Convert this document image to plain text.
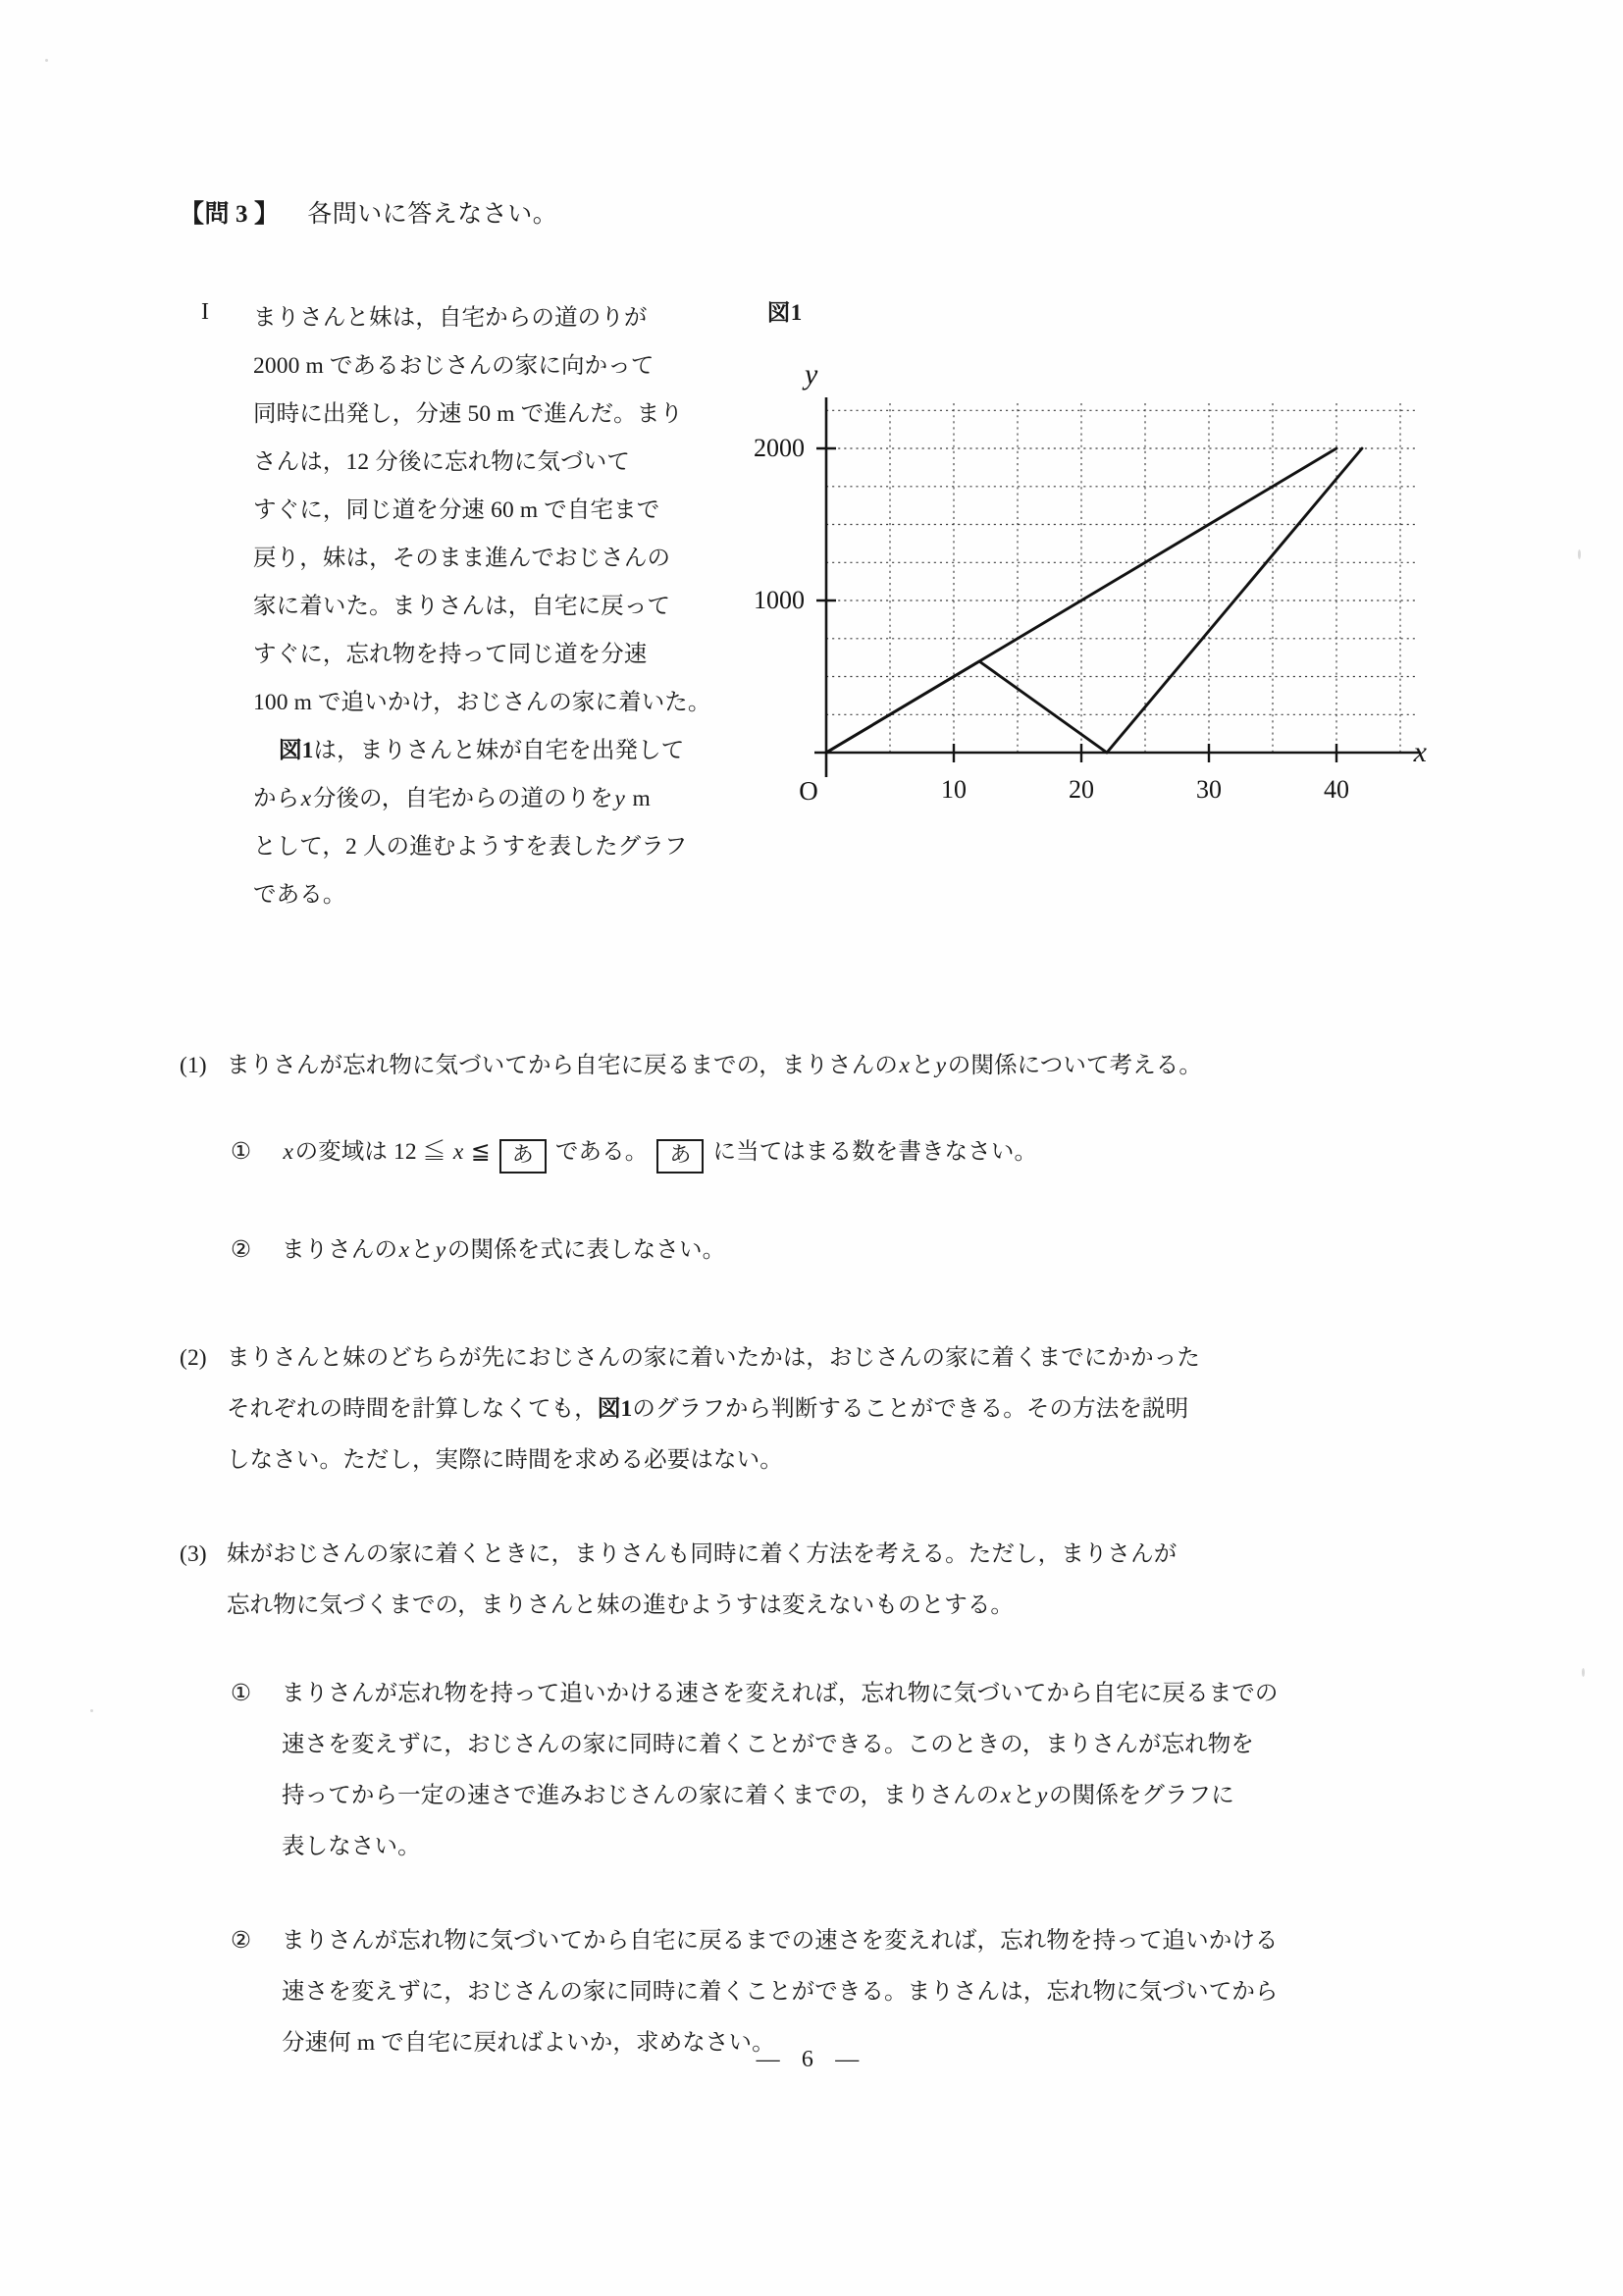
【問 3 】 各問いに答えなさい。
I まりさんと妹は，自宅からの道のりが

2000 m であるおじさんの家に向かって

同時に出発し，分速 50 m で進んだ。まり

さんは，12 分後に忘れ物に気づいて

すぐに，同じ道を分速 60 m で自宅まで

戻り，妹は，そのまま進んでおじさんの

家に着いた。まりさんは，自宅に戻って

すぐに，忘れ物を持って同じ道を分速

100 m で追いかけ，おじさんの家に着いた。

図1は，まりさんと妹が自宅を出発して

からx分後の，自宅からの道のりをy m

として，2 人の進むようすを表したグラフ

である。

図1
y
x
O
1000
2000
10	20	30	40
(1) まりさんが忘れ物に気づいてから自宅に戻るまでの，まりさんのxとyの関係について考える。

① xの変域は 12 ≦ x ≦ あ である。 あ に当てはまる数を書きなさい。

② まりさんのxとyの関係を式に表しなさい。

(2) まりさんと妹のどちらが先におじさんの家に着いたかは，おじさんの家に着くまでにかかった

それぞれの時間を計算しなくても，図1のグラフから判断することができる。その方法を説明

しなさい。ただし，実際に時間を求める必要はない。

(3) 妹がおじさんの家に着くときに，まりさんも同時に着く方法を考える。ただし，まりさんが

忘れ物に気づくまでの，まりさんと妹の進むようすは変えないものとする。

① まりさんが忘れ物を持って追いかける速さを変えれば，忘れ物に気づいてから自宅に戻るまでの

速さを変えずに，おじさんの家に同時に着くことができる。このときの，まりさんが忘れ物を

持ってから一定の速さで進みおじさんの家に着くまでの，まりさんのxとyの関係をグラフに

表しなさい。

② まりさんが忘れ物に気づいてから自宅に戻るまでの速さを変えれば，忘れ物を持って追いかける

速さを変えずに，おじさんの家に同時に着くことができる。まりさんは，忘れ物に気づいてから

分速何 m で自宅に戻ればよいか，求めなさい。

— 6 —
